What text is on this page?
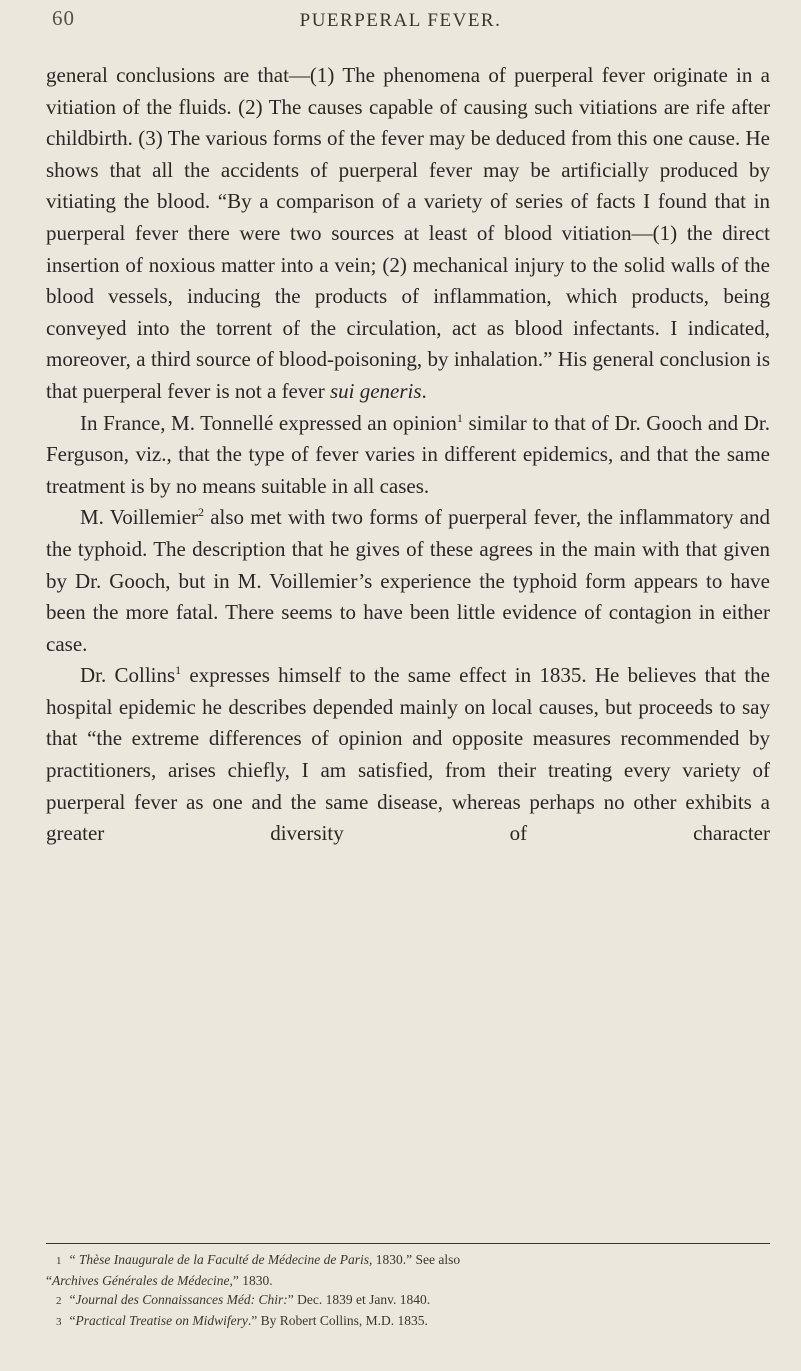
60	PUERPERAL FEVER.

general conclusions are that—(1) The phenomena of puerperal fever originate in a vitiation of the fluids. (2) The causes capable of causing such vitiations are rife after childbirth. (3) The various forms of the fever may be deduced from this one cause. He shows that all the accidents of puerperal fever may be artificially produced by vitiating the blood. “By a comparison of a variety of series of facts I found that in puerperal fever there were two sources at least of blood vitiation—(1) the direct insertion of noxious matter into a vein; (2) mechanical injury to the solid walls of the blood vessels, inducing the products of inflammation, which products, being conveyed into the torrent of the circulation, act as blood infectants. I indicated, moreover, a third source of blood-poisoning, by inhalation.” His general conclusion is that puerperal fever is not a fever sui generis.

In France, M. Tonnellé expressed an opinion$^1$ similar to that of Dr. Gooch and Dr. Ferguson, viz., that the type of fever varies in different epidemics, and that the same treatment is by no means suitable in all cases.

M. Voillemier$^2$ also met with two forms of puerperal fever, the inflammatory and the typhoid. The description that he gives of these agrees in the main with that given by Dr. Gooch, but in M. Voillemier’s experience the typhoid form appears to have been the more fatal. There seems to have been little evidence of contagion in either case.

Dr. Collins$^1$ expresses himself to the same effect in 1835. He believes that the hospital epidemic he describes depended mainly on local causes, but proceeds to say that “the extreme differences of opinion and opposite measures recommended by practitioners, arises chiefly, I am satisfied, from their treating every variety of puerperal fever as one and the same disease, whereas perhaps no other exhibits a greater diversity of character

1 “ Thèse Inaugurale de la Faculté de Médecine de Paris, 1830.” See also

“Archives Générales de Médecine,” 1830.

2 “Journal des Connaissances Méd: Chir:” Dec. 1839 et Janv. 1840.

3 “Practical Treatise on Midwifery.” By Robert Collins, M.D. 1835.
